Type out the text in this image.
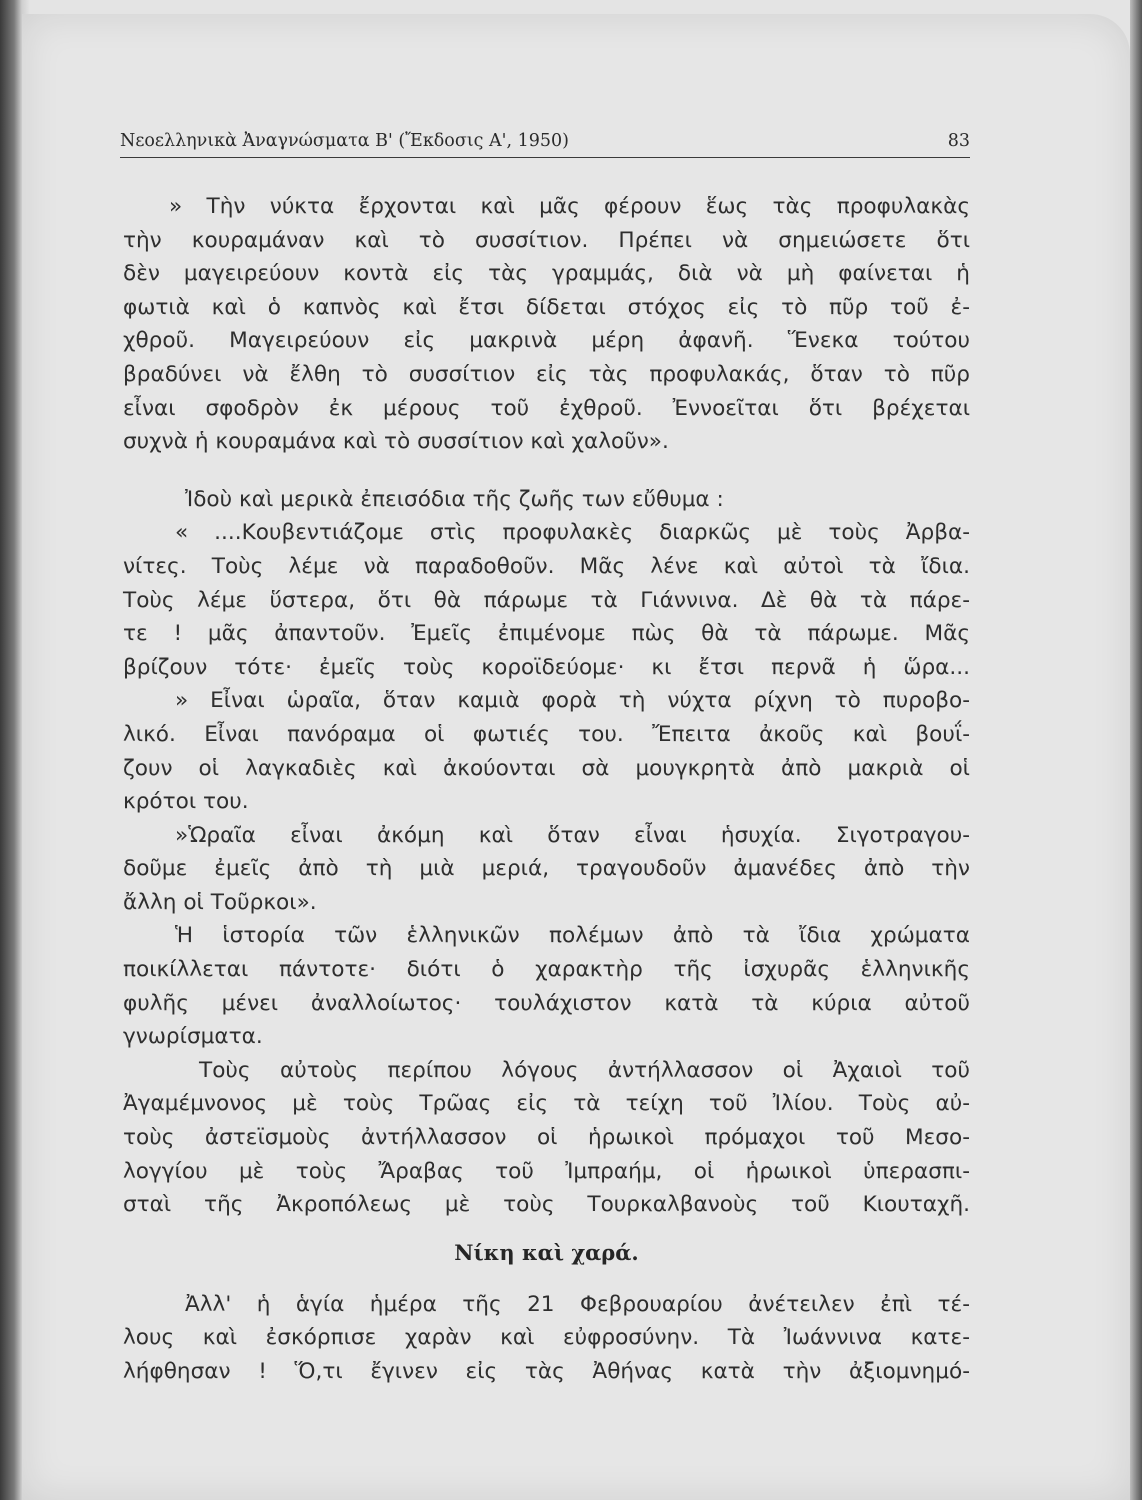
Νεοελληνικὰ Ἀναγνώσματα Β' (Ἔκδοσις Α', 1950)	83
» Τὴν νύκτα ἔρχονται καὶ μᾶς φέρουν ἕως τὰς προφυλακὰς
τὴν κουραμάναν καὶ τὸ συσσίτιον. Πρέπει νὰ σημειώσετε ὅτι
δὲν μαγειρεύουν κοντὰ εἰς τὰς γραμμάς, διὰ νὰ μὴ φαίνεται ἡ
φωτιὰ καὶ ὁ καπνὸς καὶ ἔτσι δίδεται στόχος εἰς τὸ πῦρ τοῦ ἐ-
χθροῦ. Μαγειρεύουν εἰς μακρινὰ μέρη ἀφανῆ. Ἕνεκα τούτου
βραδύνει νὰ ἔλθη τὸ συσσίτιον εἰς τὰς προφυλακάς, ὅταν τὸ πῦρ
εἶναι σφοδρὸν ἐκ μέρους τοῦ ἐχθροῦ. Ἐννοεῖται ὅτι βρέχεται
συχνὰ ἡ κουραμάνα καὶ τὸ συσσίτιον καὶ χαλοῦν».
Ἰδοὺ καὶ μερικὰ ἐπεισόδια τῆς ζωῆς των εὔθυμα :
« ....Κουβεντιάζομε στὶς προφυλακὲς διαρκῶς μὲ τοὺς Ἀρβα-
νίτες. Τοὺς λέμε νὰ παραδοθοῦν. Μᾶς λένε καὶ αὐτοὶ τὰ ἴδια.
Τοὺς λέμε ὕστερα, ὅτι θὰ πάρωμε τὰ Γιάννινα. Δὲ θὰ τὰ πάρε-
τε ! μᾶς ἀπαντοῦν. Ἐμεῖς ἐπιμένομε πὼς θὰ τὰ πάρωμε. Μᾶς
βρίζουν τότε· ἐμεῖς τοὺς κοροϊδεύομε· κι ἔτσι περνᾶ ἡ ὥρα...
» Εἶναι ὡραῖα, ὅταν καμιὰ φορὰ τὴ νύχτα ρίχνη τὸ πυροβο-
λικό. Εἶναι πανόραμα οἱ φωτιές του. Ἔπειτα ἀκοῦς καὶ βουΐ-
ζουν οἱ λαγκαδιὲς καὶ ἀκούονται σὰ μουγκρητὰ ἀπὸ μακριὰ οἱ
κρότοι του.
»Ὡραῖα εἶναι ἀκόμη καὶ ὅταν εἶναι ἡσυχία. Σιγοτραγου-
δοῦμε ἐμεῖς ἀπὸ τὴ μιὰ μεριά, τραγουδοῦν ἀμανέδες ἀπὸ τὴν
ἄλλη οἱ Τοῦρκοι».
Ἡ ἱστορία τῶν ἑλληνικῶν πολέμων ἀπὸ τὰ ἴδια χρώματα
ποικίλλεται πάντοτε· διότι ὁ χαρακτὴρ τῆς ἰσχυρᾶς ἑλληνικῆς
φυλῆς μένει ἀναλλοίωτος· τουλάχιστον κατὰ τὰ κύρια αὐτοῦ
γνωρίσματα.
Τοὺς αὐτοὺς περίπου λόγους ἀντήλλασσον οἱ Ἀχαιοὶ τοῦ
Ἀγαμέμνονος μὲ τοὺς Τρῶας εἰς τὰ τείχη τοῦ Ἰλίου. Τοὺς αὐ-
τοὺς ἀστεϊσμοὺς ἀντήλλασσον οἱ ἡρωικοὶ πρόμαχοι τοῦ Μεσο-
λογγίου μὲ τοὺς Ἄραβας τοῦ Ἰμπραήμ, οἱ ἡρωικοὶ ὑπερασπι-
σταὶ τῆς Ἀκροπόλεως μὲ τοὺς Τουρκαλβανοὺς τοῦ Κιουταχῆ.
Νίκη καὶ χαρά.
Ἀλλ' ἡ ἁγία ἡμέρα τῆς 21 Φεβρουαρίου ἀνέτειλεν ἐπὶ τέ-
λους καὶ ἐσκόρπισε χαρὰν καὶ εὐφροσύνην. Τὰ Ἰωάννινα κατε-
λήφθησαν ! Ὅ,τι ἔγινεν εἰς τὰς Ἀθήνας κατὰ τὴν ἀξιομνημό-
